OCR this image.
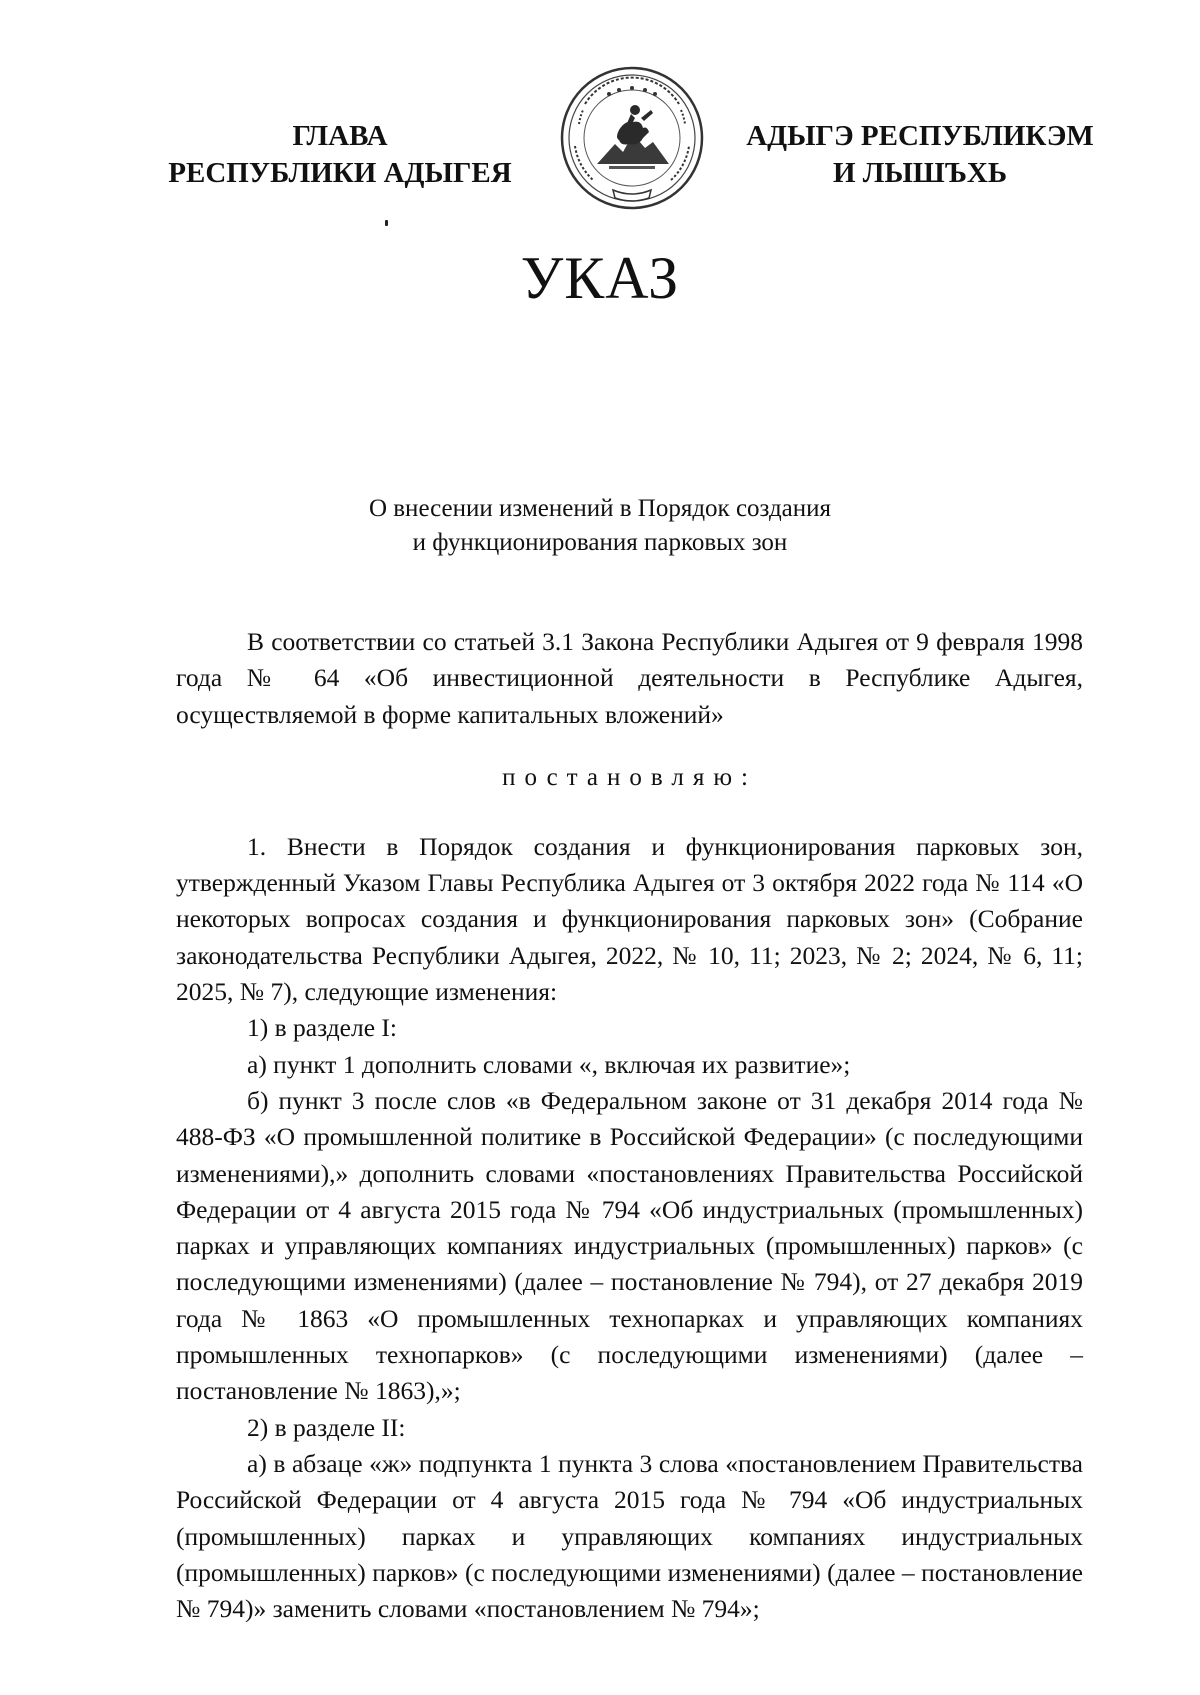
ГЛАВА
РЕСПУБЛИКИ АДЫГЕЯ
АДЫГЭ РЕСПУБЛИКЭМ
И ЛЫШЪХЬ
УКАЗ
О внесении изменений в Порядок создания
и функционирования парковых зон

В соответствии со статьей 3.1 Закона Республики Адыгея от 9 февраля 1998 года № 64 «Об инвестиционной деятельности в Республике Адыгея, осуществляемой в форме капитальных вложений»

постановляю:

1. Внести в Порядок создания и функционирования парковых зон, утвержденный Указом Главы Республика Адыгея от 3 октября 2022 года № 114 «О некоторых вопросах создания и функционирования парковых зон» (Собрание законодательства Республики Адыгея, 2022, № 10, 11; 2023, № 2; 2024, № 6, 11; 2025, № 7), следующие изменения:

1) в разделе I:

а) пункт 1 дополнить словами «, включая их развитие»;

б) пункт 3 после слов «в Федеральном законе от 31 декабря 2014 года № 488-ФЗ «О промышленной политике в Российской Федерации» (с последующими изменениями),» дополнить словами «постановлениях Правительства Российской Федерации от 4 августа 2015 года № 794 «Об индустриальных (промышленных) парках и управляющих компаниях индустриальных (промышленных) парков» (с последующими изменениями) (далее – постановление № 794), от 27 декабря 2019 года № 1863 «О промышленных технопарках и управляющих компаниях промышленных технопарков» (с последующими изменениями) (далее – постановление № 1863),»;

2) в разделе II:

а) в абзаце «ж» подпункта 1 пункта 3 слова «постановлением Правительства Российской Федерации от 4 августа 2015 года № 794 «Об индустриальных (промышленных) парках и управляющих компаниях индустриальных (промышленных) парков» (с последующими изменениями) (далее – постановление № 794)» заменить словами «постановлением № 794»;
